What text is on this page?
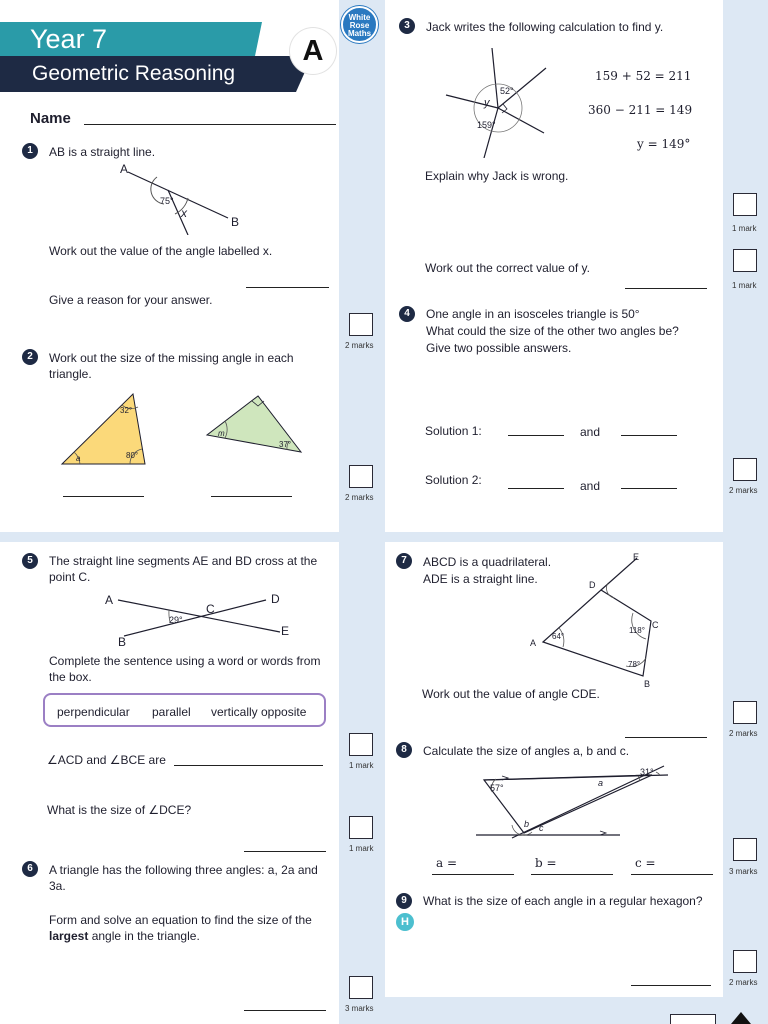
Year 7
Geometric Reasoning
A
White Rose Maths
Name
1	AB is a straight line.
A
B
75°
x
Work out the value of the angle labelled x.
Give a reason for your answer.
2 marks
2	Work out the size of the missing angle in each triangle.
32°
a	80°
m
37°
2 marks
3	Jack writes the following calculation to find y.
52°
y
159°
159 + 52 = 211
360 − 211 = 149
y = 149°
Explain why Jack is wrong.
1 mark
Work out the correct value of y.
1 mark
4	One angle in an isosceles triangle is 50°
What could the size of the other two angles be?
Give two possible answers.
Solution 1:	and
Solution 2:	and	2 marks
5	The straight line segments AE and BD cross at the point C.
A
B
C
D
E
29°
Complete the sentence using a word or words from the box.
perpendicular parallel vertically opposite
∠ACD and ∠BCE are	1 mark
What is the size of ∠DCE?
1 mark
6	A triangle has the following three angles: a, 2a and 3a.
Form and solve an equation to find the size of the largest angle in the triangle.
3 marks
7	ABCD is a quadrilateral.
ADE is a straight line.
A
B
C
D
E
64°
118°
78°
Work out the value of angle CDE.
2 marks
8	Calculate the size of angles a, b and c.
57°
31°
a
b c
a =	b =	c =
3 marks
9	What is the size of each angle in a regular hexagon?
H
2 marks
